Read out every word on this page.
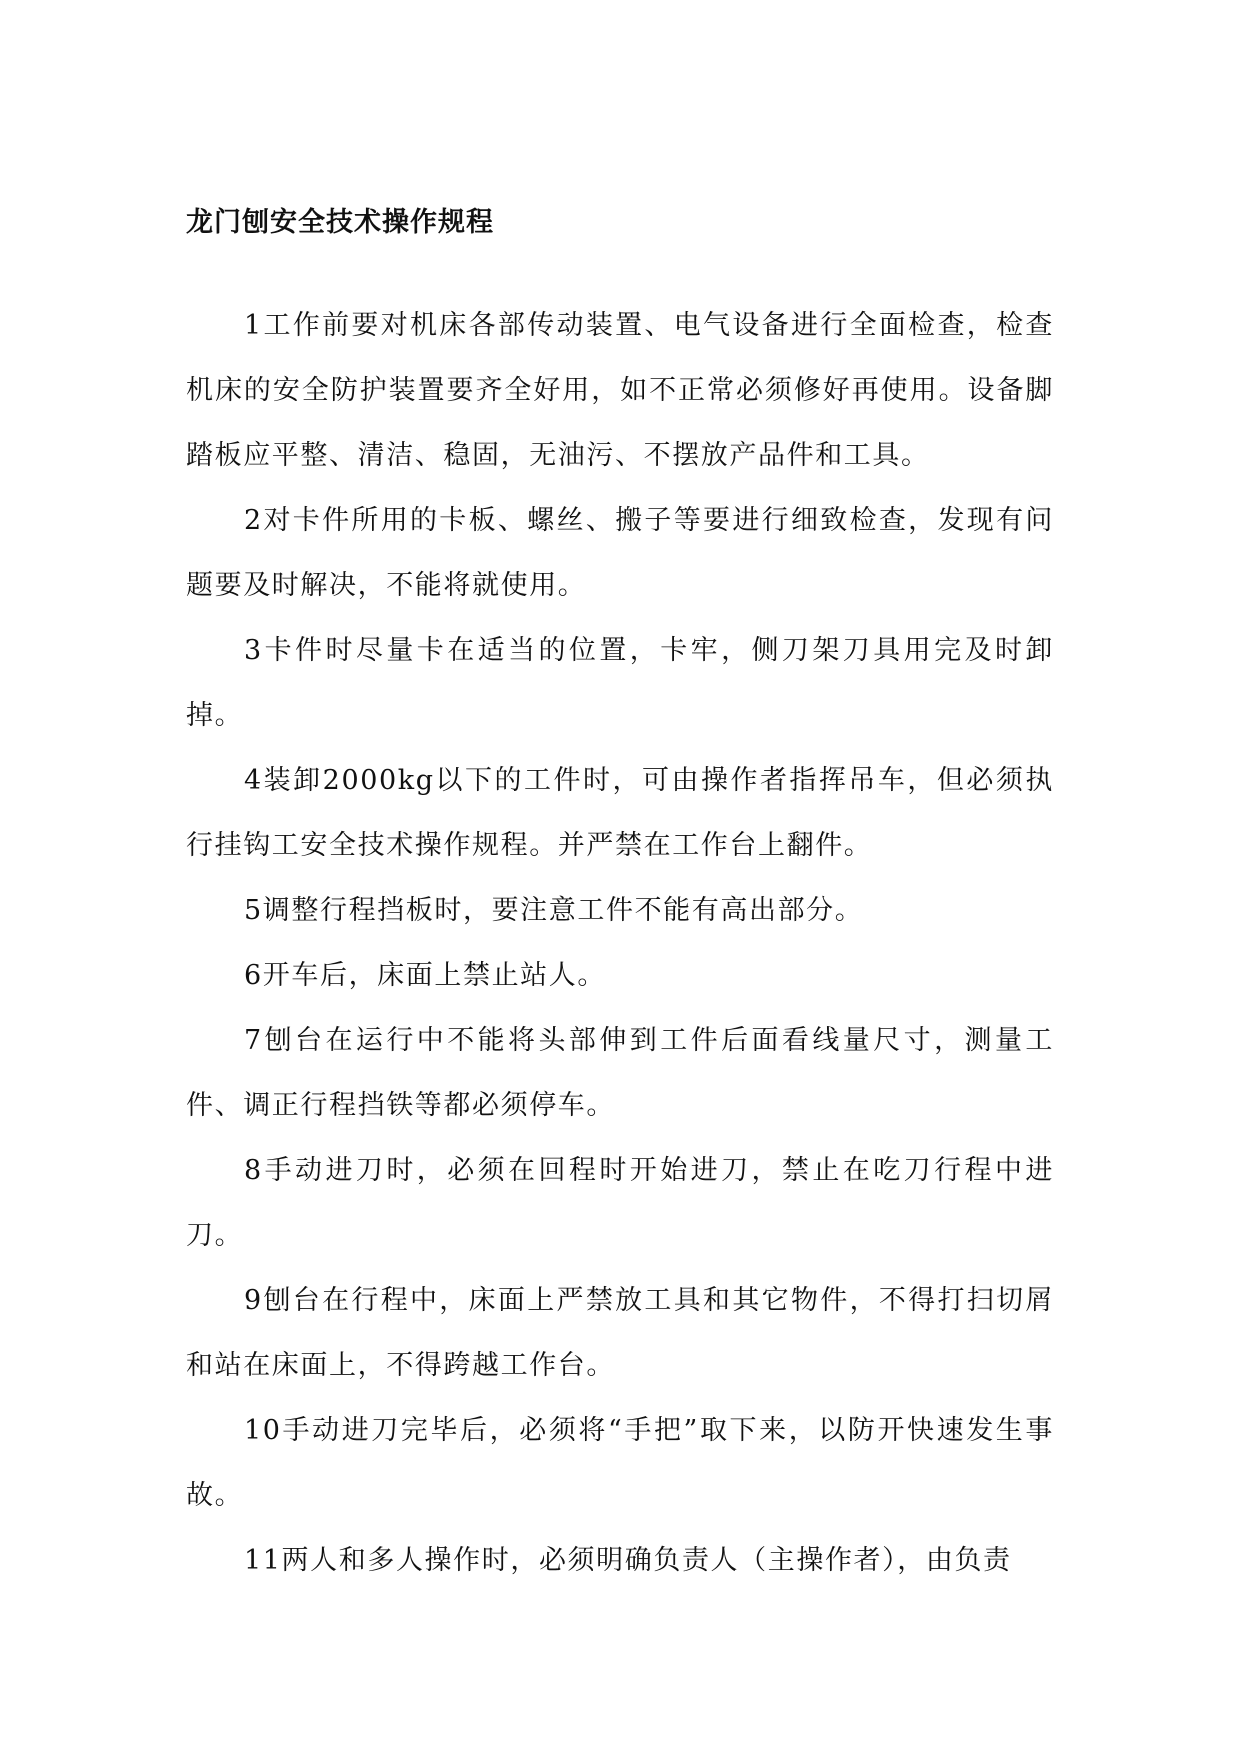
龙门刨安全技术操作规程

1工作前要对机床各部传动装置、电气设备进行全面检查，检查机床的安全防护装置要齐全好用，如不正常必须修好再使用。设备脚踏板应平整、清洁、稳固，无油污、不摆放产品件和工具。

2对卡件所用的卡板、螺丝、搬子等要进行细致检查，发现有问题要及时解决，不能将就使用。

3卡件时尽量卡在适当的位置，卡牢，侧刀架刀具用完及时卸掉。

4装卸2000kg以下的工件时，可由操作者指挥吊车，但必须执行挂钩工安全技术操作规程。并严禁在工作台上翻件。

5调整行程挡板时，要注意工件不能有高出部分。

6开车后，床面上禁止站人。

7刨台在运行中不能将头部伸到工件后面看线量尺寸，测量工件、调正行程挡铁等都必须停车。

8手动进刀时，必须在回程时开始进刀，禁止在吃刀行程中进刀。

9刨台在行程中，床面上严禁放工具和其它物件，不得打扫切屑和站在床面上，不得跨越工作台。

10手动进刀完毕后，必须将“手把”取下来，以防开快速发生事故。

11两人和多人操作时，必须明确负责人（主操作者），由负责
